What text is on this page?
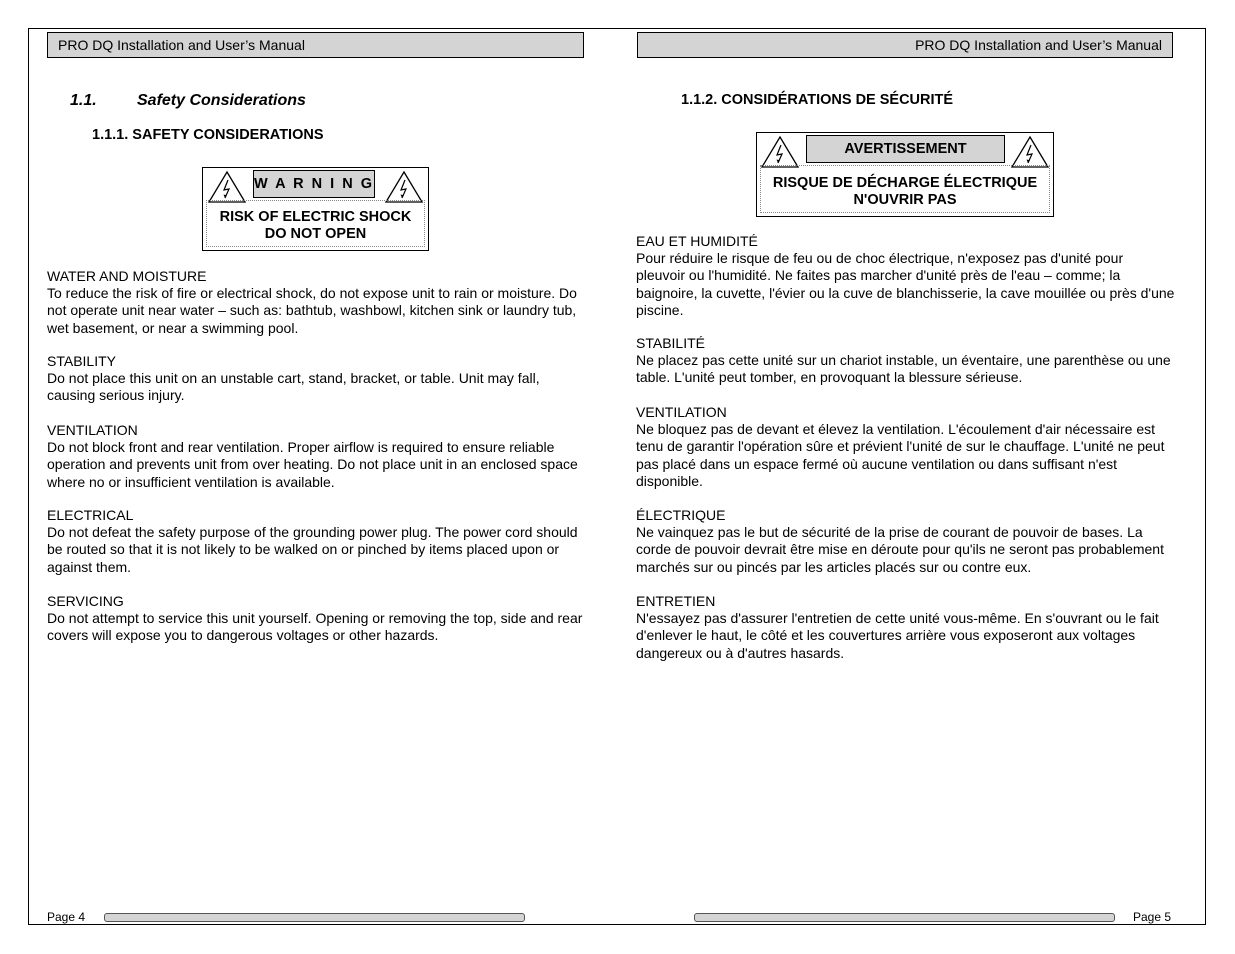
PRO DQ Installation and User’s Manual	PRO DQ Installation and User’s Manual
1.1.	Safety Considerations
1.1.1. SAFETY CONSIDERATIONS
W A R N I N G
RISK OF ELECTRIC SHOCK
DO NOT OPEN
WATER AND MOISTURE
To reduce the risk of fire or electrical shock, do not expose unit to rain or moisture. Do not operate unit near water – such as: bathtub, washbowl, kitchen sink or laundry tub, wet basement, or near a swimming pool.
STABILITY
Do not place this unit on an unstable cart, stand, bracket, or table. Unit may fall, causing serious injury.
VENTILATION
Do not block front and rear ventilation. Proper airflow is required to ensure reliable operation and prevents unit from over heating. Do not place unit in an enclosed space where no or insufficient ventilation is available.
ELECTRICAL
Do not defeat the safety purpose of the grounding power plug. The power cord should be routed so that it is not likely to be walked on or pinched by items placed upon or against them.
SERVICING
Do not attempt to service this unit yourself. Opening or removing the top, side and rear covers will expose you to dangerous voltages or other hazards.
1.1.2. CONSIDÉRATIONS DE SÉCURITÉ
AVERTISSEMENT
RISQUE DE DÉCHARGE ÉLECTRIQUE
N'OUVRIR PAS
EAU ET HUMIDITÉ
Pour réduire le risque de feu ou de choc électrique, n'exposez pas d'unité pour pleuvoir ou l'humidité. Ne faites pas marcher d'unité près de l'eau – comme; la baignoire, la cuvette, l'évier ou la cuve de blanchisserie, la cave mouillée ou près d'une piscine.
STABILITÉ
Ne placez pas cette unité sur un chariot instable, un éventaire, une parenthèse ou une table. L'unité peut tomber, en provoquant la blessure sérieuse.
VENTILATION
Ne bloquez pas de devant et élevez la ventilation. L'écoulement d'air nécessaire est tenu de garantir l'opération sûre et prévient l'unité de sur le chauffage. L'unité ne peut pas placé dans un espace fermé où aucune ventilation ou dans suffisant n'est disponible.
ÉLECTRIQUE
Ne vainquez pas le but de sécurité de la prise de courant de pouvoir de bases. La corde de pouvoir devrait être mise en déroute pour qu'ils ne seront pas probablement marchés sur ou pincés par les articles placés sur ou contre eux.
ENTRETIEN
N'essayez pas d'assurer l'entretien de cette unité vous-même. En s'ouvrant ou le fait d'enlever le haut, le côté et les couvertures arrière vous exposeront aux voltages dangereux ou à d'autres hasards.
Page 4	Page 5
